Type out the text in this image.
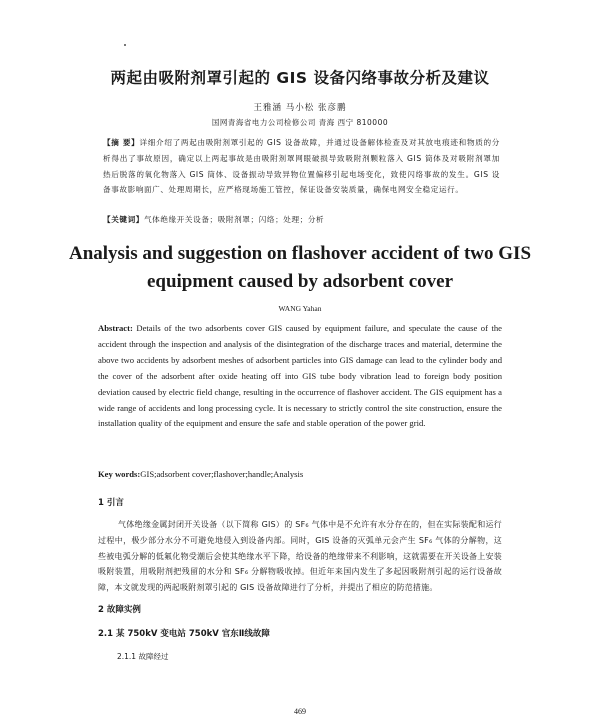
两起由吸附剂罩引起的 GIS 设备闪络事故分析及建议
王雅涵 马小松 张彦鹏
国网青海省电力公司检修公司 青海 西宁 810000
【摘 要】详细介绍了两起由吸附剂罩引起的 GIS 设备故障，并通过设备解体检查及对其放电痕迹和物质的分析得出了事故原因，确定以上两起事故是由吸附剂罩网眼破损导致吸附剂颗粒落入 GIS 筒体及对吸附剂罩加热后脱落的氧化物落入 GIS 筒体、设备振动导致异物位置偏移引起电场变化，致使闪络事故的发生。GIS 设备事故影响面广、处理周期长，应严格现场施工管控，保证设备安装质量，确保电网安全稳定运行。
【关键词】气体绝缘开关设备；吸附剂罩；闪络；处理；分析
Analysis and suggestion on flashover accident of two GIS equipment caused by adsorbent cover
WANG Yahan
Abstract: Details of the two adsorbents cover GIS caused by equipment failure, and speculate the cause of the accident through the inspection and analysis of the disintegration of the discharge traces and material, determine the above two accidents by adsorbent meshes of adsorbent particles into GIS damage can lead to the cylinder body and the cover of the adsorbent after oxide heating off into GIS tube body vibration lead to foreign body position deviation caused by electric field change, resulting in the occurrence of flashover accident. The GIS equipment has a wide range of accidents and long processing cycle. It is necessary to strictly control the site construction, ensure the installation quality of the equipment and ensure the safe and stable operation of the power grid.
Key words:GIS;adsorbent cover;flashover;handle;Analysis
1 引言
气体绝缘金属封闭开关设备（以下简称 GIS）的 SF₆ 气体中是不允许有水分存在的，但在实际装配和运行过程中，极少部分水分不可避免地侵入到设备内部。同时，GIS 设备的灭弧单元会产生 SF₆ 气体的分解物，这些被电弧分解的低氟化物受潮后会使其绝缘水平下降，给设备的绝缘带来不利影响，这就需要在开关设备上安装吸附装置，用吸附剂把残留的水分和 SF₆ 分解物吸收掉。但近年来国内发生了多起因吸附剂引起的运行设备故障，本文就发现的两起吸附剂罩引起的 GIS 设备故障进行了分析，并提出了相应的防范措施。
2 故障实例
2.1 某 750kV 变电站 750kV 官东Ⅱ线故障
2.1.1 故障经过
469
